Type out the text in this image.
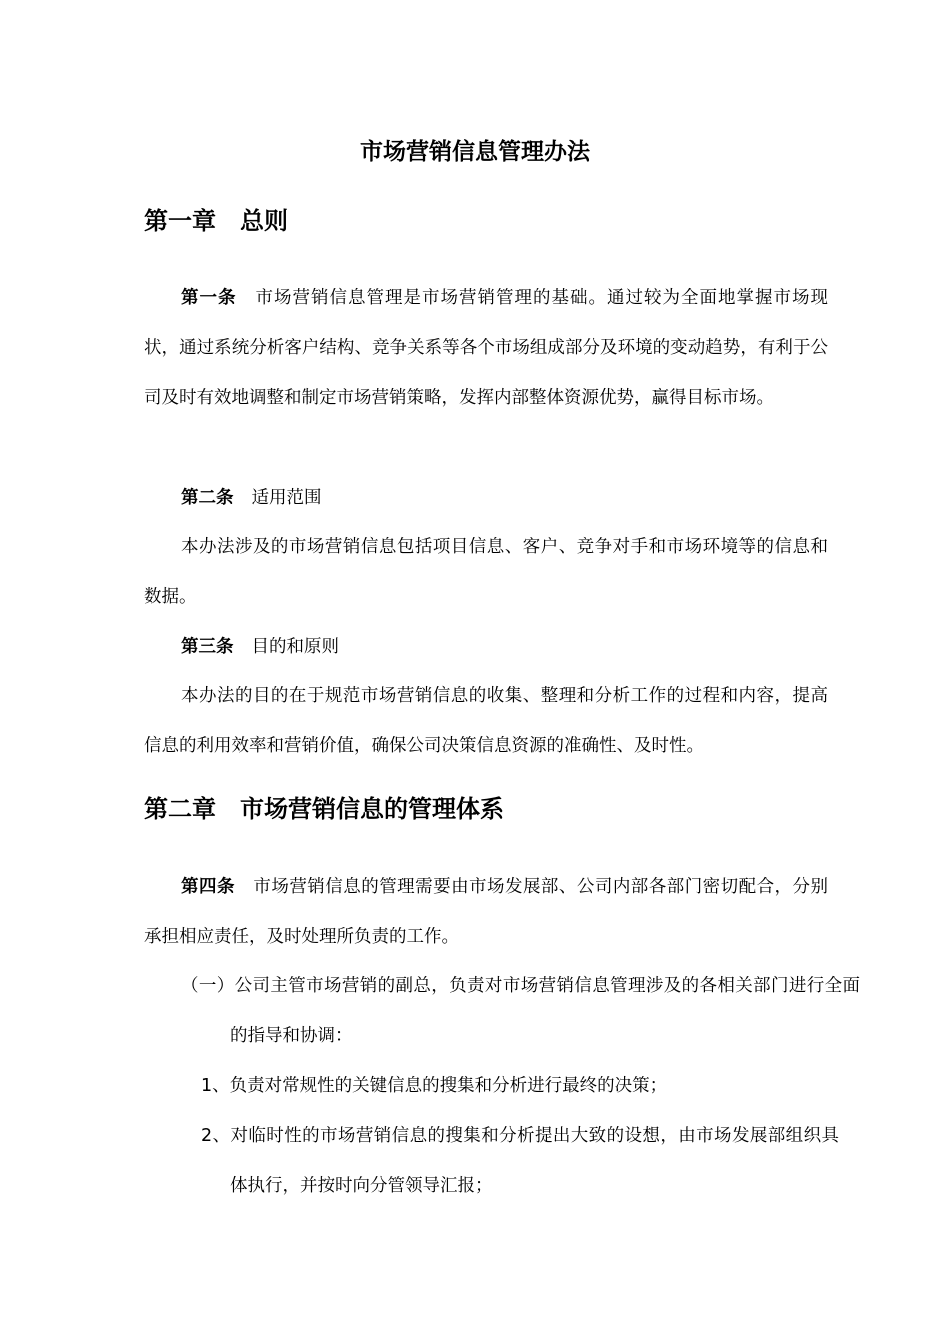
市场营销信息管理办法
第一章 总则

第一条 市场营销信息管理是市场营销管理的基础。通过较为全面地掌握市场现状，通过系统分析客户结构、竞争关系等各个市场组成部分及环境的变动趋势，有利于公司及时有效地调整和制定市场营销策略，发挥内部整体资源优势，赢得目标市场。

第二条 适用范围

本办法涉及的市场营销信息包括项目信息、客户、竞争对手和市场环境等的信息和数据。

第三条 目的和原则

本办法的目的在于规范市场营销信息的收集、整理和分析工作的过程和内容，提高信息的利用效率和营销价值，确保公司决策信息资源的准确性、及时性。

第二章 市场营销信息的管理体系

第四条 市场营销信息的管理需要由市场发展部、公司内部各部门密切配合，分别承担相应责任，及时处理所负责的工作。

（一）公司主管市场营销的副总，负责对市场营销信息管理涉及的各相关部门进行全面的指导和协调：

1、负责对常规性的关键信息的搜集和分析进行最终的决策；

2、对临时性的市场营销信息的搜集和分析提出大致的设想，由市场发展部组织具体执行，并按时向分管领导汇报；
